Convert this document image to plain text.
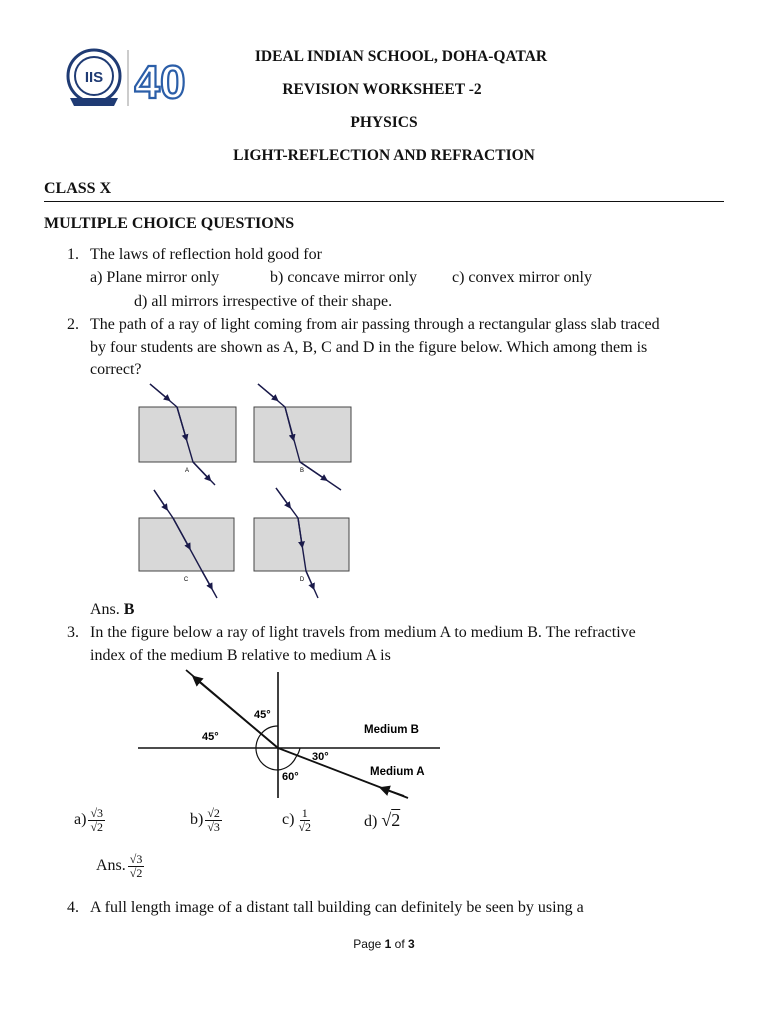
IIS 40	IDEAL INDIAN SCHOOL, DOHA-QATAR
REVISION WORKSHEET -2
PHYSICS
LIGHT-REFLECTION AND REFRACTION
CLASS X
MULTIPLE CHOICE QUESTIONS
1. The laws of reflection hold good for
a) Plane mirror only	b) concave mirror only c) convex mirror only
d) all mirrors irrespective of their shape.
2. The path of a ray of light coming from air passing through a rectangular glass slab traced
by four students are shown as A, B, C and D in the figure below. Which among them is
correct?
A	B
C	D
Ans. B
3. In the figure below a ray of light travels from medium A to medium B. The refractive
index of the medium B relative to medium A is
45°
45°
30°
60°
Medium B
Medium A
$a) \frac{√3}{√2}$	$b) \frac{√2}{√3}$	$c) \frac{1}{√2}$	d) √2
Ans. $\frac{√3}{√2}$
4. A full length image of a distant tall building can definitely be seen by using a
Page 1 of 3
